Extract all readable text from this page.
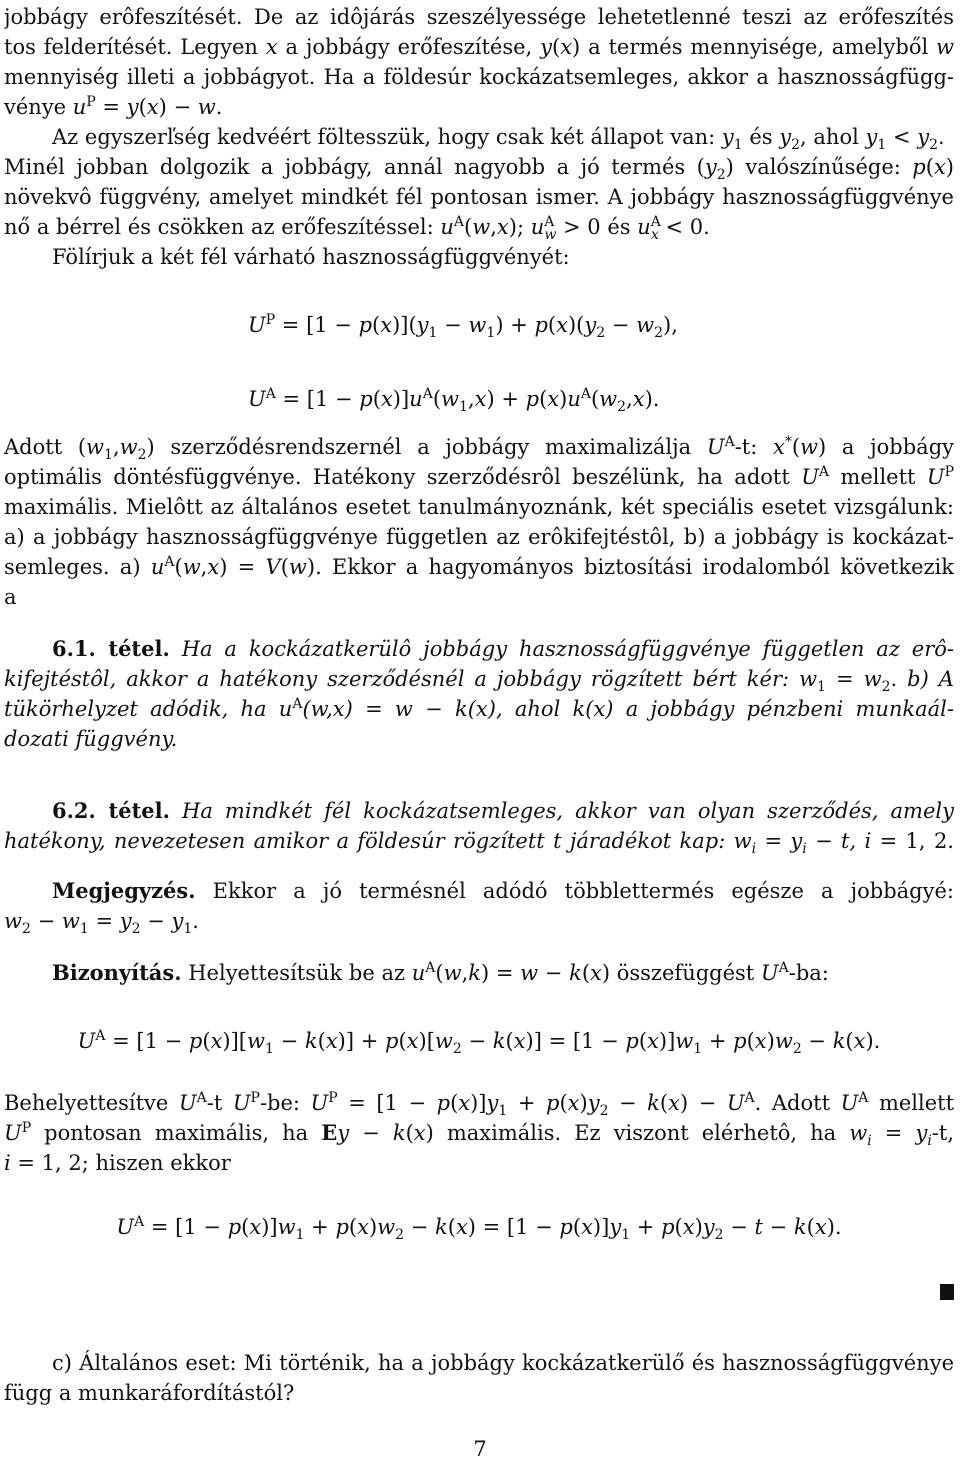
jobbágy erôfeszítését. De az idôjárás szeszélyessége lehetetlenné teszi az erőfeszítés
tos felderítését. Legyen x a jobbágy erőfeszítése, y(x) a termés mennyisége, amelyből w
mennyiség illeti a jobbágyot. Ha a földesúr kockázatsemleges, akkor a hasznosságfügg-
vénye $u^P = y(x) - w$.
Az egyszerľség kedvéért föltesszük, hogy csak két állapot van: $y_1$ és $y_2$, ahol $y_1 < y_2$.
Minél jobban dolgozik a jobbágy, annál nagyobb a jó termés $(y_2)$ valószínűsége: p(x)
növekvô függvény, amelyet mindkét fél pontosan ismer. A jobbágy hasznosságfüggvénye
nő a bérrel és csökken az erőfeszítéssel: $u^A(w,x)$; $u^A_w > 0$ és $u^A_x < 0$.
Fölírjuk a két fél várható hasznosságfüggvényét:
$U^P = [1 - p(x)](y_1 - w_1) + p(x)(y_2 - w_2)$,
$U^A = [1 - p(x)]u^A(w_1,x) + p(x)u^A(w_2,x)$.
Adott $(w_1,w_2)$ szerződésrendszernél a jobbágy maximalizálja $U^A-t$: x*(w) a jobbágy
optimális döntésfüggvénye. Hatékony szerződésrôl beszélünk, ha adott $U^A$ mellett $U^P$
maximális. Mielôtt az általános esetet tanulmányoznánk, két speciális esetet vizsgálunk:
a) a jobbágy hasznosságfüggvénye független az erôkifejtéstôl, b) a jobbágy is kockázat-
semleges. a) $u^A(w,x) = V(w)$. Ekkor a hagyományos biztosítási irodalomból következik
a
6.1. tétel. Ha a kockázatkerülô jobbágy hasznosságfüggvénye független az erô-
kifejtéstôl, akkor a hatékony szerződésnél a jobbágy rögzített bért kér: $w_1 = w_2$. b) A
tükörhelyzet adódik, ha $u^A(w,x) = w - k(x)$, ahol k(x) a jobbágy pénzbeni munkaál-
dozati függvény.
6.2. tétel. Ha mindkét fél kockázatsemleges, akkor van olyan szerződés, amely
hatékony, nevezetesen amikor a földesúr rögzített t járadékot kap: $w_i = y_i - t$, i = 1, 2.
Megjegyzés. Ekkor a jó termésnél adódó többlettermés egésze a jobbágyé:
$w_2 - w_1 = y_2 - y_1$.
Bizonyítás. Helyettesítsük be az $u^A(w,k) = w - k(x)$ összefüggést $U^A-ba$:
$U^A = [1 - p(x)][w_1 - k(x)] + p(x)[w_2 - k(x)] = [1 - p(x)]w_1 + p(x)w_2 - k(x)$.
Behelyettesítve $U^A-t$ $U^P-be$: $U^P = [1 - p(x)]y_1 + p(x)y_2 - k(x) - U^A$. Adott $U^A$ mellett
$U^P$ pontosan maximális, ha Ey − k(x) maximális. Ez viszont elérhetô, ha $w_i = y_i-t$,
i = 1, 2; hiszen ekkor
$U^A = [1 - p(x)]w_1 + p(x)w_2 - k(x) = [1 - p(x)]y_1 + p(x)y_2 - t - k(x)$.
c) Általános eset: Mi történik, ha a jobbágy kockázatkerülő és hasznosságfüggvénye
függ a munkaráfordítástól?
7
